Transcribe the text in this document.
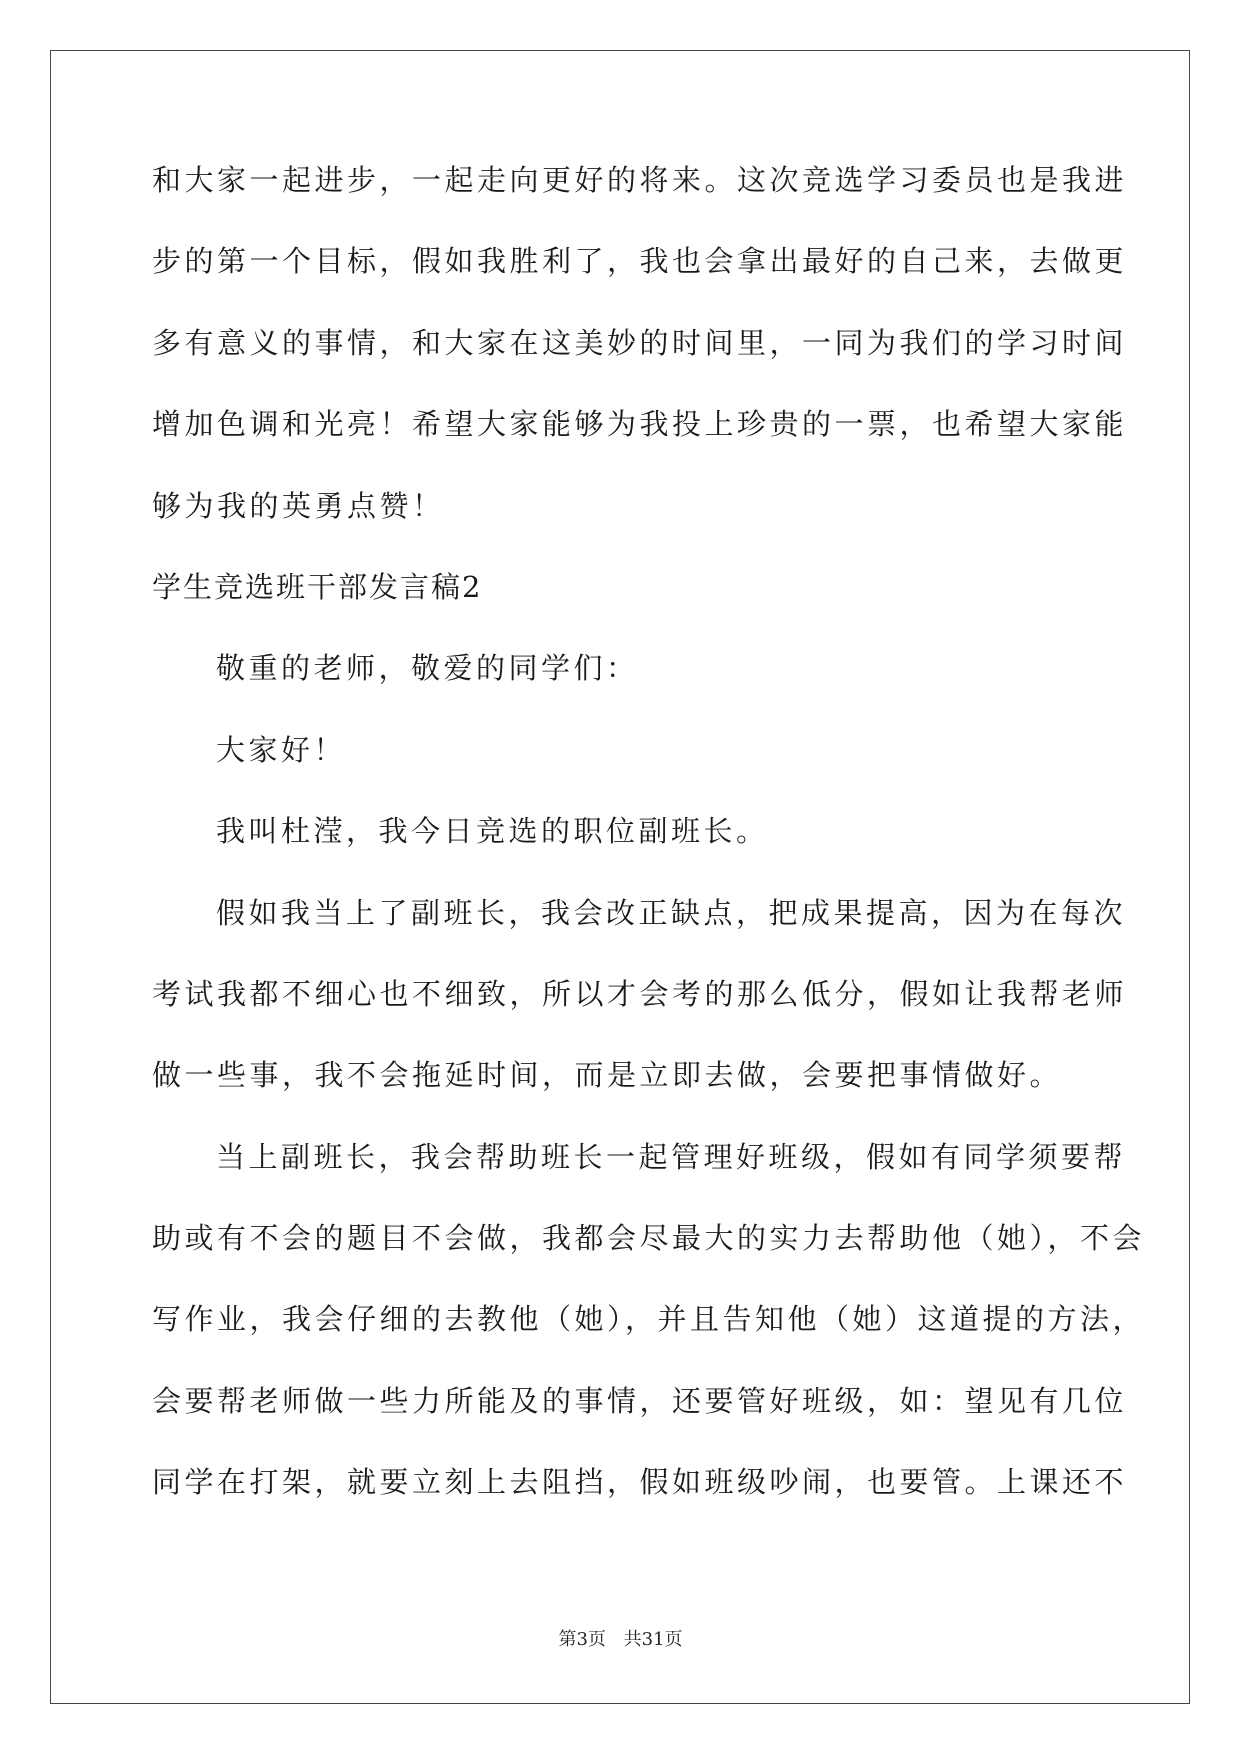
和大家一起进步，一起走向更好的将来。这次竞选学习委员也是我进
步的第一个目标，假如我胜利了，我也会拿出最好的自己来，去做更
多有意义的事情，和大家在这美妙的时间里，一同为我们的学习时间
增加色调和光亮！希望大家能够为我投上珍贵的一票，也希望大家能
够为我的英勇点赞！
学生竞选班干部发言稿2
敬重的老师，敬爱的同学们：
大家好！
我叫杜滢，我今日竞选的职位副班长。
假如我当上了副班长，我会改正缺点，把成果提高，因为在每次
考试我都不细心也不细致，所以才会考的那么低分，假如让我帮老师
做一些事，我不会拖延时间，而是立即去做，会要把事情做好。
当上副班长，我会帮助班长一起管理好班级，假如有同学须要帮
助或有不会的题目不会做，我都会尽最大的实力去帮助他（她），不会
写作业，我会仔细的去教他（她），并且告知他（她）这道提的方法，
会要帮老师做一些力所能及的事情，还要管好班级，如：望见有几位
同学在打架，就要立刻上去阻挡，假如班级吵闹，也要管。上课还不
第3页 共31页
